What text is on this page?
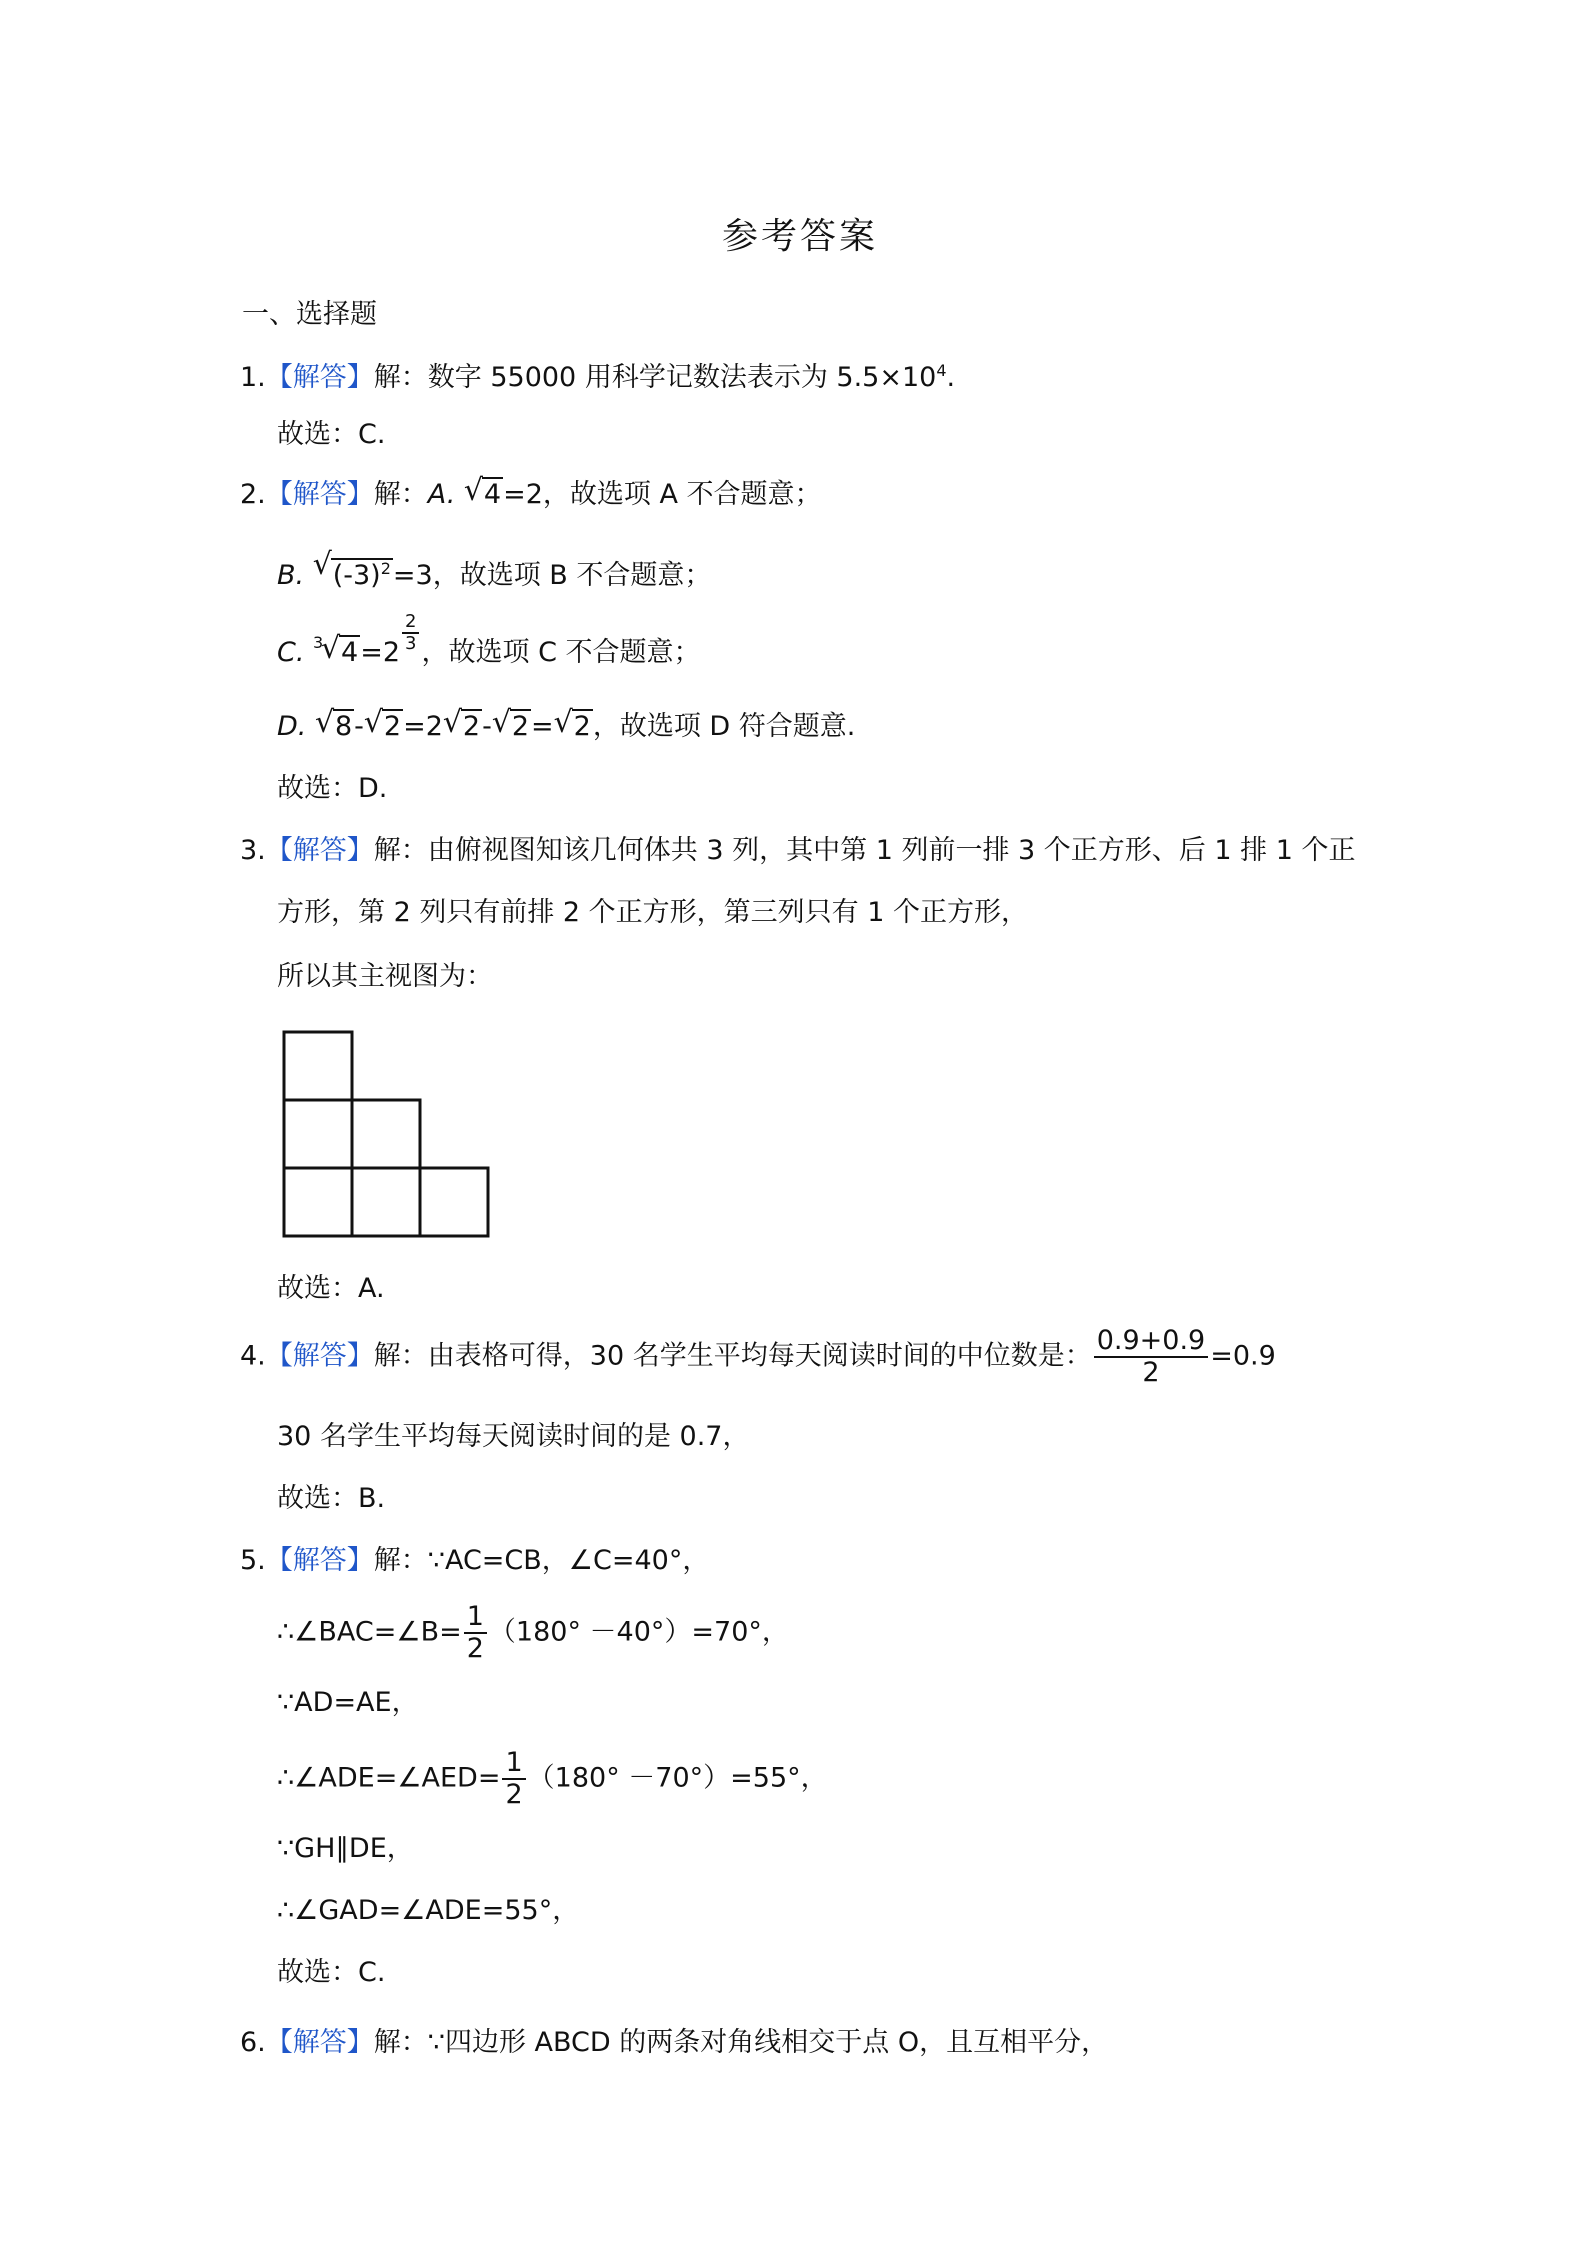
参考答案
一、选择题
1.【解答】解：数字 55000 用科学记数法表示为 $5.5\times 10^4$.
故选：C.
2.【解答】解：A. √ 4=2，故选项 A 不合题意；
B. √ $(-3)^2=3$，故选项 B 不合题意；
C. 3
√ $4=2 \frac{2}{3}$ ，故选项 C 不合题意；
D. √ 8- √ 2=2 √ 2- √ 2= √ 2，故选项 D 符合题意.
故选：D.
3.【解答】解：由俯视图知该几何体共 3 列，其中第 1 列前一排 3 个正方形、后 1 排 1 个正
方形，第 2 列只有前排 2 个正方形，第三列只有 1 个正方形，
所以其主视图为：
故选：A.
4.【解答】解：由表格可得，30 名学生平均每天阅读时间的中位数是： $\frac{0.9+0.9}{2} =0.9$
30 名学生平均每天阅读时间的是 0.7，
故选：B.
5.【解答】解：∵AC=CB，∠C=40°，
∴∠BAC=∠B= $\frac{1}{2} (180^\circ -40^\circ)=70^\circ$，
∵AD=AE，
∴∠ADE=∠AED= $\frac{1}{2} (180^\circ -70^\circ)=55^\circ$，
∵GH∥DE，
∴∠GAD=∠ADE=55°，
故选：C.
6.【解答】解：∵四边形 ABCD 的两条对角线相交于点 O，且互相平分，
